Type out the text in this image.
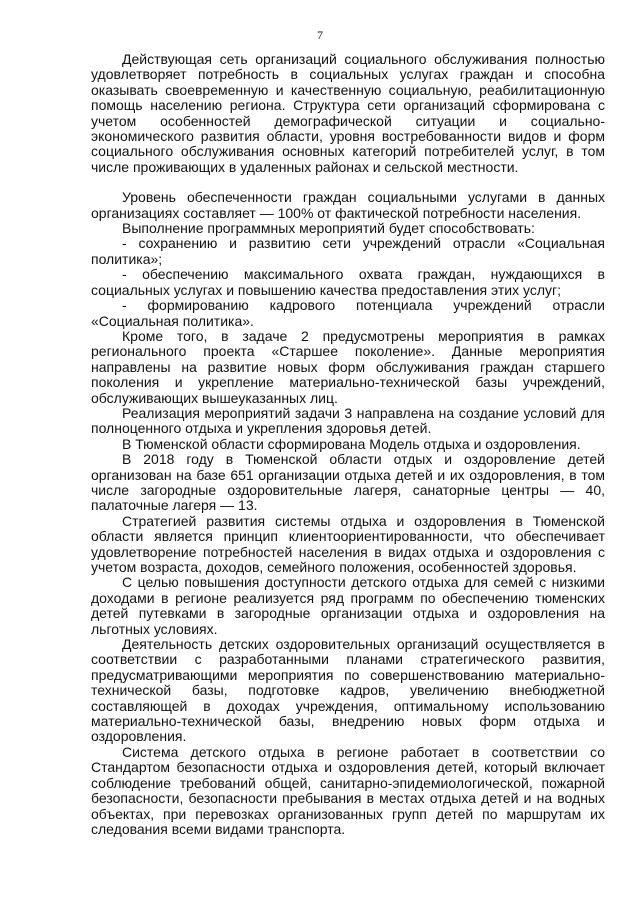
7

Действующая сеть организаций социального обслуживания полностью удовлетворяет потребность в социальных услугах граждан и способна оказывать своевременную и качественную социальную, реабилитационную помощь населению региона. Структура сети организаций сформирована с учетом особенностей демографической ситуации и социально-экономического развития области, уровня востребованности видов и форм социального обслуживания основных категорий потребителей услуг, в том числе проживающих в удаленных районах и сельской местности.

Уровень обеспеченности граждан социальными услугами в данных организациях составляет — 100% от фактической потребности населения.

Выполнение программных мероприятий будет способствовать:

- сохранению и развитию сети учреждений отрасли «Социальная политика»;

- обеспечению максимального охвата граждан, нуждающихся в социальных услугах и повышению качества предоставления этих услуг;

- формированию кадрового потенциала учреждений отрасли «Социальная политика».

Кроме того, в задаче 2 предусмотрены мероприятия в рамках регионального проекта «Старшее поколение». Данные мероприятия направлены на развитие новых форм обслуживания граждан старшего поколения и укрепление материально-технической базы учреждений, обслуживающих вышеуказанных лиц.

Реализация мероприятий задачи 3 направлена на создание условий для полноценного отдыха и укрепления здоровья детей.

В Тюменской области сформирована Модель отдыха и оздоровления.

В 2018 году в Тюменской области отдых и оздоровление детей организован на базе 651 организации отдыха детей и их оздоровления, в том числе загородные оздоровительные лагеря, санаторные центры — 40, палаточные лагеря — 13.

Стратегией развития системы отдыха и оздоровления в Тюменской области является принцип клиентоориентированности, что обеспечивает удовлетворение потребностей населения в видах отдыха и оздоровления с учетом возраста, доходов, семейного положения, особенностей здоровья.

С целью повышения доступности детского отдыха для семей с низкими доходами в регионе реализуется ряд программ по обеспечению тюменских детей путевками в загородные организации отдыха и оздоровления на льготных условиях.

Деятельность детских оздоровительных организаций осуществляется в соответствии с разработанными планами стратегического развития, предусматривающими мероприятия по совершенствованию материально-технической базы, подготовке кадров, увеличению внебюджетной составляющей в доходах учреждения, оптимальному использованию материально-технической базы, внедрению новых форм отдыха и оздоровления.

Система детского отдыха в регионе работает в соответствии со Стандартом безопасности отдыха и оздоровления детей, который включает соблюдение требований общей, санитарно-эпидемиологической, пожарной безопасности, безопасности пребывания в местах отдыха детей и на водных объектах, при перевозках организованных групп детей по маршрутам их следования всеми видами транспорта.
